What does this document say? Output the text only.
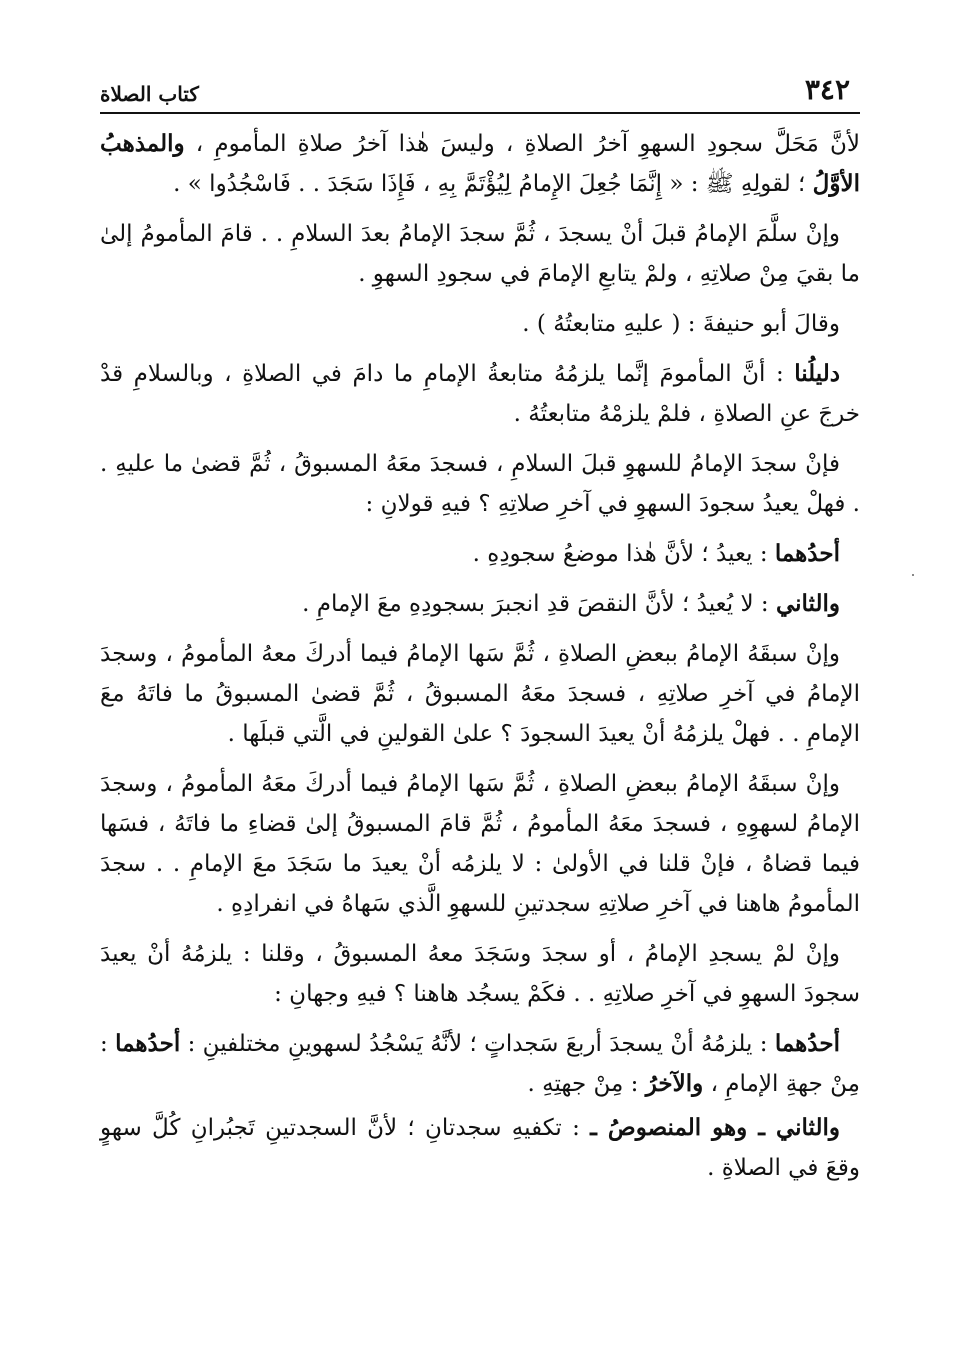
٣٤٢
كتاب الصلاة

لأنَّ مَحَلَّ سجودِ السهوِ آخرُ الصلاةِ ، وليسَ هٰذا آخرُ صلاةِ المأمومِ ، والمذهبُ الأوَّلُ ؛ لقولِهِ ﷺ : « إِنَّمَا جُعِلَ الإِمامُ لِيُؤْتَمَّ بِهِ ، فَإِذَا سَجَدَ . . فَاسْجُدُوا » .

وإنْ سلَّمَ الإمامُ قبلَ أنْ يسجدَ ، ثُمَّ سجدَ الإمامُ بعدَ السلامِ . . قامَ المأمومُ إلىٰ ما بقيَ مِنْ صلاتِهِ ، ولمْ يتابعِ الإمامَ في سجودِ السهوِ .

وقالَ أبو حنيفةَ : ( عليهِ متابعتُهُ ) .

دليلُنا : أنَّ المأمومَ إنَّما يلزمُهُ متابعةُ الإمامِ ما دامَ في الصلاةِ ، وبالسلامِ قدْ خرجَ عنِ الصلاةِ ، فلمْ يلزمْهُ متابعتُهُ .

فإنْ سجدَ الإمامُ للسهوِ قبلَ السلامِ ، فسجدَ معَهُ المسبوقُ ، ثُمَّ قضىٰ ما عليهِ . . فهلْ يعيدُ سجودَ السهوِ في آخرِ صلاتِهِ ؟ فيهِ قولانِ :

أحدُهما : يعيدُ ؛ لأنَّ هٰذا موضعُ سجودِهِ .

والثاني : لا يُعيدُ ؛ لأنَّ النقصَ قدِ انجبرَ بسجودِهِ معَ الإمامِ .

وإنْ سبقَهُ الإمامُ ببعضِ الصلاةِ ، ثُمَّ سَها الإمامُ فيما أدركَ معهُ المأمومُ ، وسجدَ الإمامُ في آخرِ صلاتِهِ ، فسجدَ معَهُ المسبوقُ ، ثُمَّ قضىٰ المسبوقُ ما فاتَهُ معَ الإمامِ . . فهلْ يلزمُهُ أنْ يعيدَ السجودَ ؟ علىٰ القولينِ في الَّتي قبلَها .

وإنْ سبقَهُ الإمامُ ببعضِ الصلاةِ ، ثُمَّ سَها الإمامُ فيما أدركَ معَهُ المأمومُ ، وسجدَ الإمامُ لسهوِهِ ، فسجدَ معَهُ المأمومُ ، ثُمَّ قامَ المسبوقُ إلىٰ قضاءِ ما فاتَهُ ، فسَها فيما قضاهُ ، فإنْ قلنا في الأولىٰ : لا يلزمُه أنْ يعيدَ ما سَجَدَ معَ الإمامِ . . سجدَ المأمومُ هاهنا في آخرِ صلاتِهِ سجدتينِ للسهوِ الَّذي سَهاهُ في انفرادِهِ .

وإنْ لمْ يسجدِ الإمامُ ، أو سجدَ وسَجَدَ معهُ المسبوقُ ، وقلنا : يلزمُهُ أنْ يعيدَ سجودَ السهوِ في آخرِ صلاتِهِ . . فكَمْ يسجُد هاهنا ؟ فيهِ وجهانِ :

أحدُهما : يلزمُهُ أنْ يسجدَ أربعَ سَجداتٍ ؛ لأنَّهُ يَسْجُدُ لسهوينِ مختلفينِ : أحدُهما : مِنْ جهةِ الإمامِ ، والآخرُ : مِنْ جهتِهِ .

والثاني ـ وهو المنصوصُ ـ : تكفيهِ سجدتانِ ؛ لأنَّ السجدتينِ تَجبُرانِ كُلَّ سهوٍ وقعَ في الصلاةِ .
